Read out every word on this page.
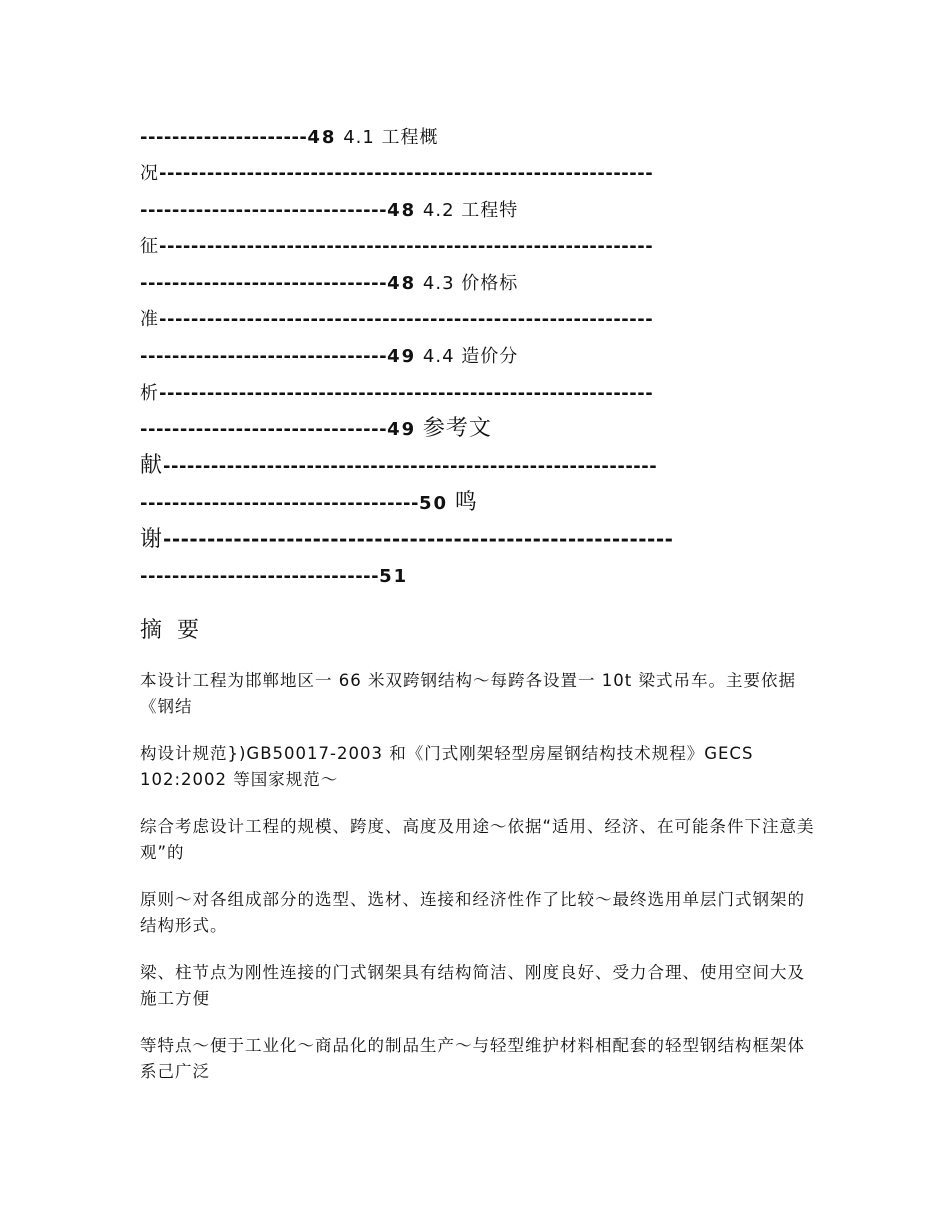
---------------------48 4.1 工程概
况--------------------------------------------------------------
-------------------------------48 4.2 工程特
征--------------------------------------------------------------
-------------------------------48 4.3 价格标
准--------------------------------------------------------------
-------------------------------49 4.4 造价分
析--------------------------------------------------------------
-------------------------------49 参考文
献--------------------------------------------------------------
-----------------------------------50 鸣
谢----------------------------------------------------------
------------------------------51
摘 要
本设计工程为邯郸地区一 66 米双跨钢结构～每跨各设置一 10t 梁式吊车。主要依据《钢结
构设计规范})GB50017-2003 和《门式刚架轻型房屋钢结构技术规程》GECS 102:2002 等国家规范～
综合考虑设计工程的规模、跨度、高度及用途～依据“适用、经济、在可能条件下注意美观”的
原则～对各组成部分的选型、选材、连接和经济性作了比较～最终选用单层门式钢架的结构形式。
梁、柱节点为刚性连接的门式钢架具有结构简洁、刚度良好、受力合理、使用空间大及施工方便
等特点～便于工业化～商品化的制品生产～与轻型维护材料相配套的轻型钢结构框架体系己广泛
